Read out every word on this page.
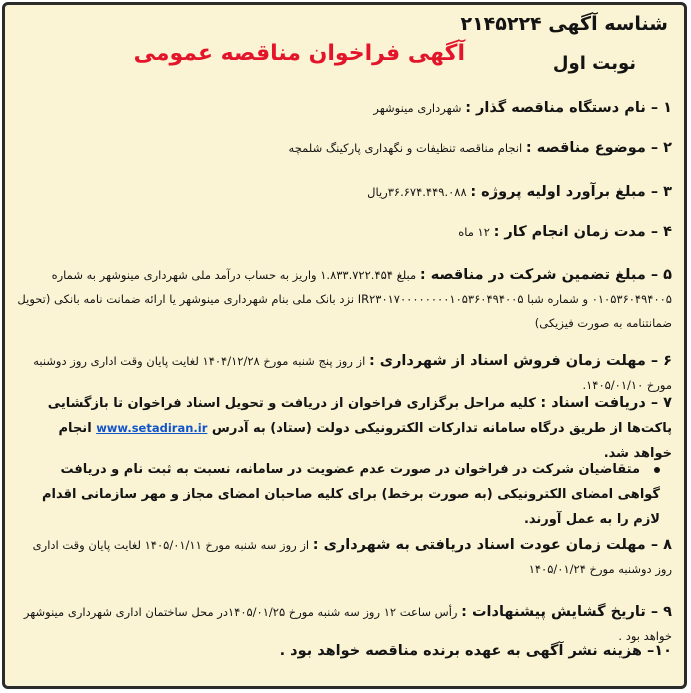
شناسه آگهی ۲۱۴۵۲۲۴
نوبت اول
آگهی فراخوان مناقصه عمومی
۱ – نام دستگاه مناقصه گذار : شهرداری مینوشهر
۲ – موضوع مناقصه : انجام مناقصه تنظیفات و نگهداری پارکینگ شلمچه
۳ – مبلغ برآورد اولیه پروژه : ۳۶.۶۷۴.۴۴۹.۰۸۸ریال
۴ – مدت زمان انجام کار : ۱۲ ماه
۵ – مبلغ تضمین شرکت در مناقصه : مبلغ ۱.۸۳۳.۷۲۲.۴۵۴ واریز به حساب درآمد ملی شهرداری مینوشهر به شماره ۰۱۰۵۳۶۰۴۹۴۰۰۵ و شماره شبا IR۲۳۰۱۷۰۰۰۰۰۰۰۰۱۰۵۳۶۰۴۹۴۰۰۵ نزد بانک ملی بنام شهرداری مینوشهر یا ارائه ضمانت نامه بانکی (تحویل ضمانتنامه به صورت فیزیکی)
۶ – مهلت زمان فروش اسناد از شهرداری : از روز پنج شنبه مورخ ۱۴۰۴/۱۲/۲۸ لغایت پایان وقت اداری روز دوشنبه مورخ ۱۴۰۵/۰۱/۱۰.
۷ – دریافت اسناد : کلیه مراحل برگزاری فراخوان از دریافت و تحویل اسناد فراخوان تا بازگشایی پاکت‌ها از طریق درگاه سامانه تدارکات الکترونیکی دولت (ستاد) به آدرس www.setadiran.ir انجام خواهد شد.
متقاضیان شرکت در فراخوان در صورت عدم عضویت در سامانه، نسبت به ثبت نام و دریافت گواهی امضای الکترونیکی (به صورت برخط) برای کلیه صاحبان امضای مجاز و مهر سازمانی اقدام لازم را به عمل آورند.
۸ – مهلت زمان عودت اسناد دریافتی به شهرداری : از روز سه شنبه مورخ ۱۴۰۵/۰۱/۱۱ لغایت پایان وقت اداری روز دوشنبه مورخ ۱۴۰۵/۰۱/۲۴
۹ – تاریخ گشایش پیشنهادات : رأس ساعت ۱۲ روز سه شنبه مورخ ۱۴۰۵/۰۱/۲۵در محل ساختمان اداری شهرداری مینوشهر خواهد بود .
۱۰– هزینه نشر آگهی به عهده برنده مناقصه خواهد بود .
